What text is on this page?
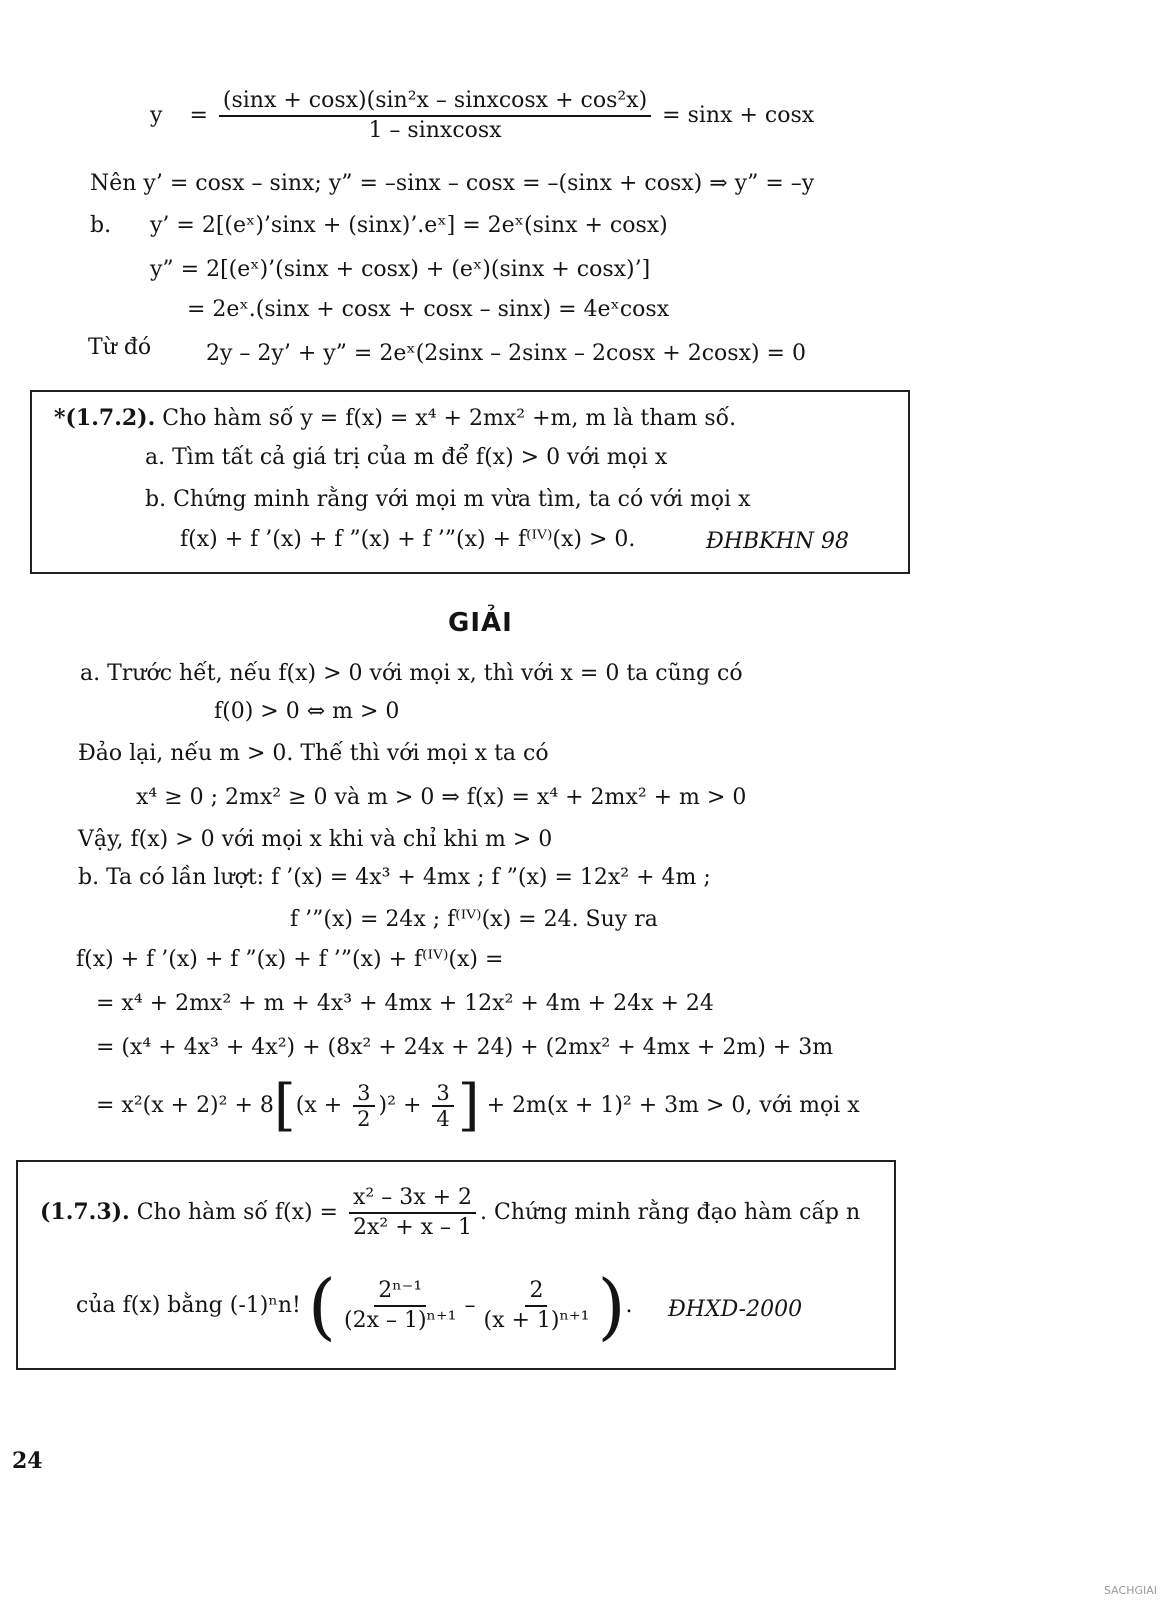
$y = \frac{\text{(sinx + cosx)(sin²x – sinxcosx + cos²x)}}{\text{1 – sinxcosx}} = \sin x + \cos x$
Nên y’ = cosx – sinx; y” = –sinx – cosx = –(sinx + cosx) ⇒ y” = –y
b. y’ = 2[(eˣ)’sinx + (sinx)’.eˣ] = 2eˣ(sinx + cosx)
y” = 2[(eˣ)’(sinx + cosx) + (eˣ)(sinx + cosx)’]
= 2eˣ.(sinx + cosx + cosx – sinx) = 4eˣcosx
Từ đó 2y – 2y’ + y” = 2eˣ(2sinx – 2sinx – 2cosx + 2cosx) = 0
*(1.7.2). Cho hàm số y = f(x) = x⁴ + 2mx² +m, m là tham số.
a. Tìm tất cả giá trị của m để f(x) > 0 với mọi x
b. Chứng minh rằng với mọi m vừa tìm, ta có với mọi x
f(x) + f ’(x) + f ”(x) + f ’”(x) + f⁽ᴵⱽ⁾(x) > 0.	ĐHBKHN 98
GIẢI
a. Trước hết, nếu f(x) > 0 với mọi x, thì với x = 0 ta cũng có
f(0) > 0 ⇔ m > 0
Đảo lại, nếu m > 0. Thế thì với mọi x ta có
x⁴ ≥ 0 ; 2mx² ≥ 0 và m > 0 ⇒ f(x) = x⁴ + 2mx² + m > 0
Vậy, f(x) > 0 với mọi x khi và chỉ khi m > 0
b. Ta có lần lượt: f ’(x) = 4x³ + 4mx ; f ”(x) = 12x² + 4m ;
f ’”(x) = 24x ; f⁽ᴵⱽ⁾(x) = 24. Suy ra
f(x) + f ’(x) + f ”(x) + f ’”(x) + f⁽ᴵⱽ⁾(x) =
= x⁴ + 2mx² + m + 4x³ + 4mx + 12x² + 4m + 24x + 24
= (x⁴ + 4x³ + 4x²) + (8x² + 24x + 24) + (2mx² + 4mx + 2m) + 3m
= $x^2(x + 2)^2 + 8[(x + \frac{3}{2} )^2 + \frac{3}{4}$ ] + 2m(x + 1)² + 3m > 0, với mọi x
(1.7.3). Cho hàm số $f(x) = \frac{\text{x² – 3x + 2}}{\text{2x² + x – 1}}$ . Chứng minh rằng đạo hàm cấp n
của f(x) bằng (-1)ⁿn! ( $\frac{\text{2ⁿ⁻¹}}{\text{(2x – 1)ⁿ⁺¹}} - \frac{2}{\text{(x + 1)ⁿ⁺¹}}$ ). ĐHXD-2000
24
SACHGIAI
